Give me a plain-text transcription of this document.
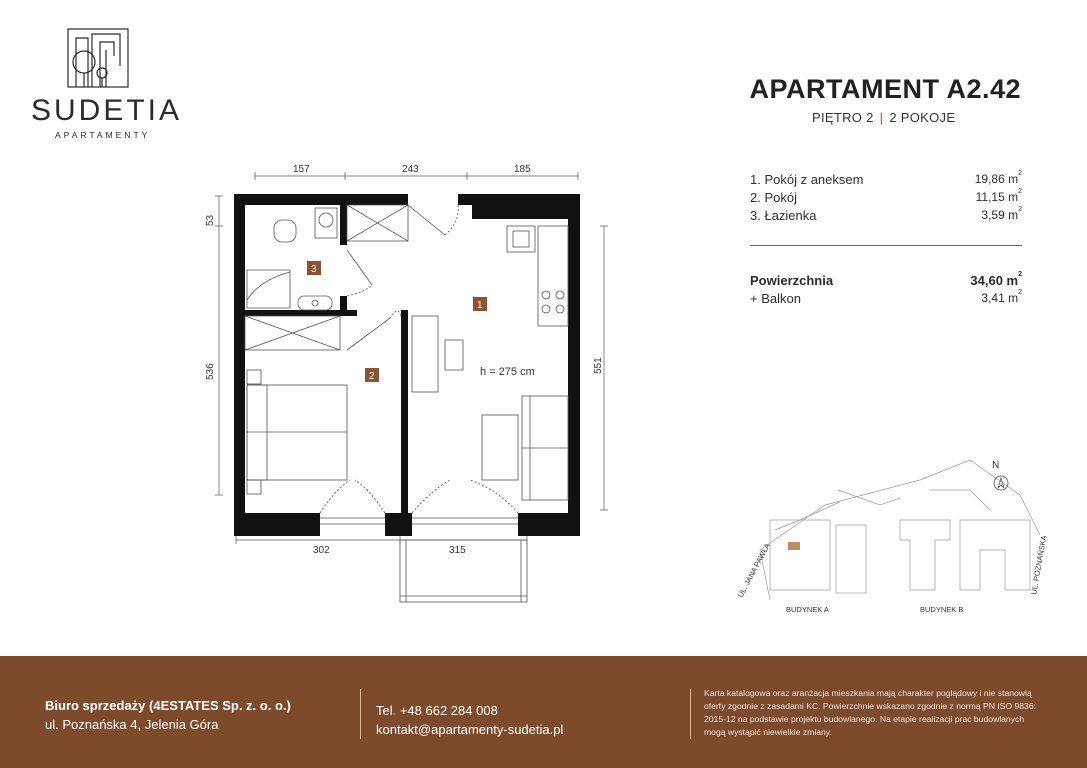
SUDETIA
APARTAMENTY
APARTAMENT A2.42
PIĘTRO 2 | 2 POKOJE
1. Pokój z aneksem	19,86 $m^2$
2. Pokój	11,15 $m^2$
3. Łazienka	3,59 $m^2$
Powierzchnia	34,60 $m^2$
+ Balkon	3,41 $m^2$
157	243	185
302	315
53
536	551
3
1
2	h = 275 cm
N
UL. JANA PAWŁA	UL. POZNAŃSKA
BUDYNEK A	BUDYNEK B
Biuro sprzedaży (4ESTATES Sp. z. o. o.)
ul. Poznańska 4, Jelenia Góra
Tel. +48 662 284 008
kontakt@apartamenty-sudetia.pl
Karta katalogowa oraz aranżacja mieszkania mają charakter poglądowy i nie stanowią oferty zgodnie z zasadami KC. Powierzchnie wskazano zgodnie z normą PN ISO 9836: 2015-12 na podstawie projektu budowlanego. Na etapie realizacji prac budowlanych mogą wystąpić niewielkie zmiany.
